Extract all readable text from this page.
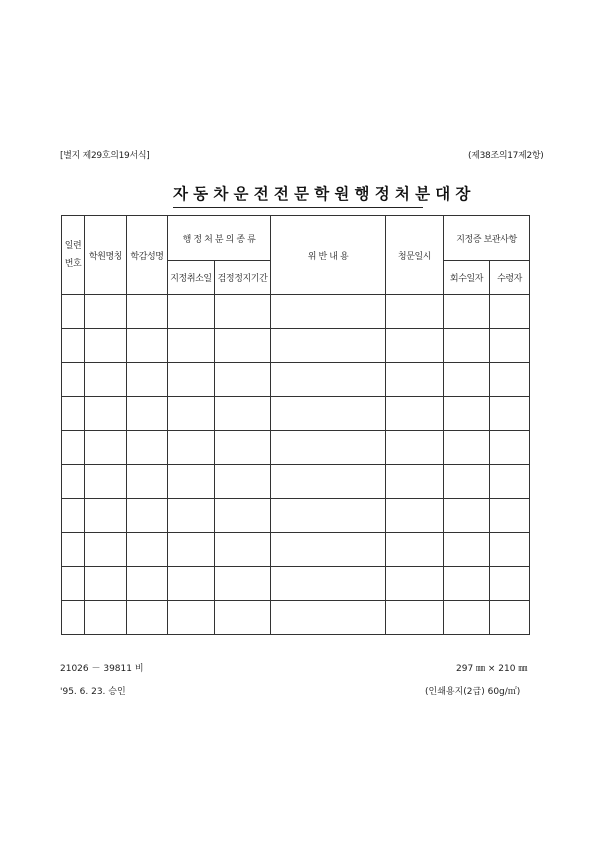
[별지 제29호의19서식]	(제38조의17제2항)
자동차운전전문학원행정처분대장
일련 번호	학원명칭	학감성명	행 정 처 분 의 종 류		위 반 내 용	청문일시	지정증 보관사항	
			지정취소일	검정정지기간			회수일자	수령자

21026 － 39811 비	297 ㎜ × 210 ㎜
'95. 6. 23. 승인	(인쇄용지(2급) 60g/㎡)
